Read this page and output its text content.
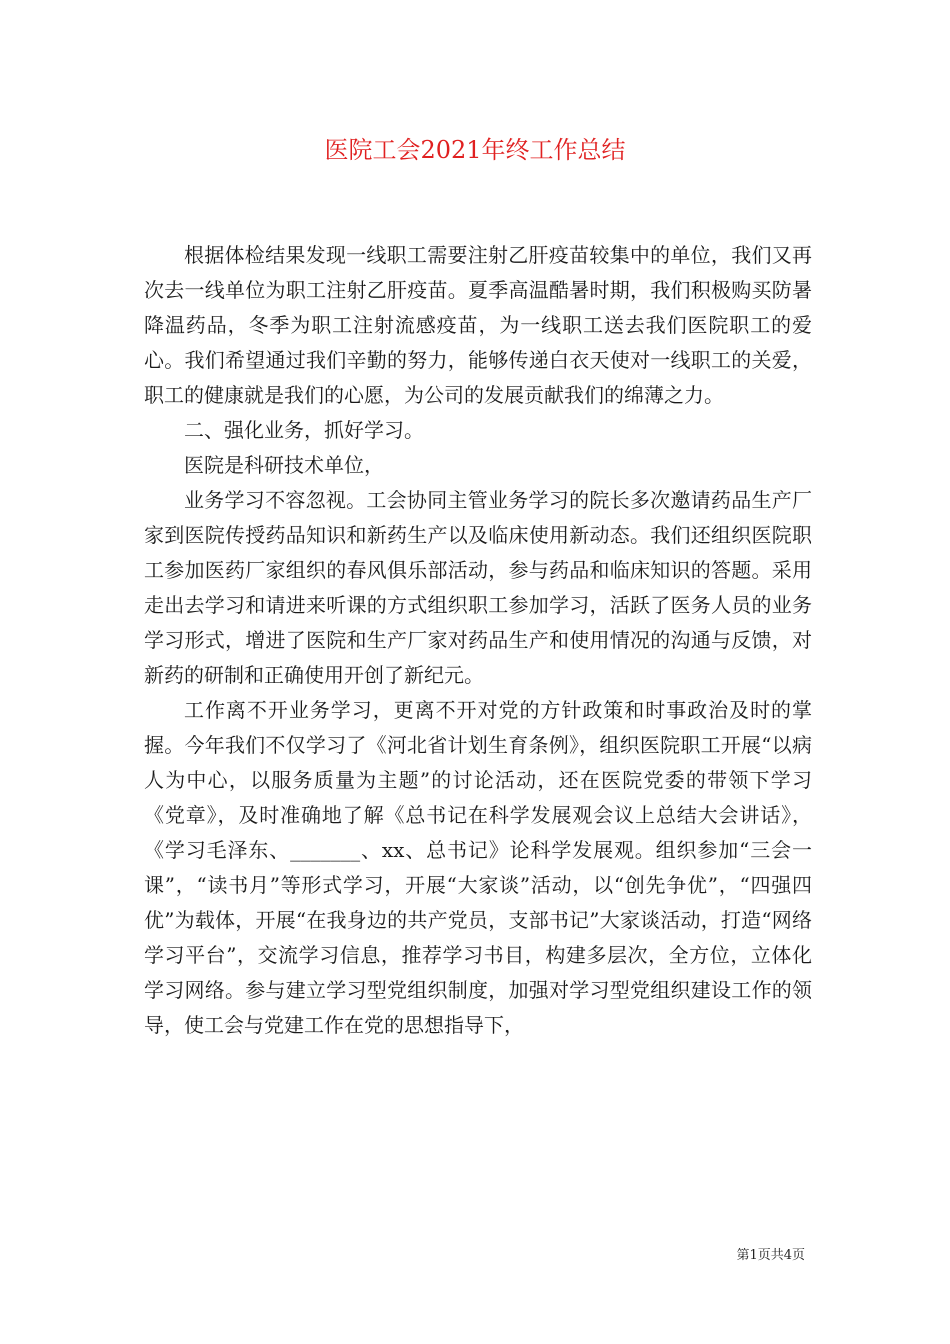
医院工会2021年终工作总结

根据体检结果发现一线职工需要注射乙肝疫苗较集中的单位，我们又再次去一线单位为职工注射乙肝疫苗。夏季高温酷暑时期，我们积极购买防暑降温药品，冬季为职工注射流感疫苗，为一线职工送去我们医院职工的爱心。我们希望通过我们辛勤的努力，能够传递白衣天使对一线职工的关爱，职工的健康就是我们的心愿，为公司的发展贡献我们的绵薄之力。

二、强化业务，抓好学习。

医院是科研技术单位，

业务学习不容忽视。工会协同主管业务学习的院长多次邀请药品生产厂家到医院传授药品知识和新药生产以及临床使用新动态。我们还组织医院职工参加医药厂家组织的春风俱乐部活动，参与药品和临床知识的答题。采用走出去学习和请进来听课的方式组织职工参加学习，活跃了医务人员的业务学习形式，增进了医院和生产厂家对药品生产和使用情况的沟通与反馈，对新药的研制和正确使用开创了新纪元。

工作离不开业务学习，更离不开对党的方针政策和时事政治及时的掌握。今年我们不仅学习了《河北省计划生育条例》，组织医院职工开展“以病人为中心，以服务质量为主题”的讨论活动，还在医院党委的带领下学习《党章》，及时准确地了解《总书记在科学发展观会议上总结大会讲话》，《学习毛泽东、_______、xx、总书记》论科学发展观。组织参加“三会一课”，“读书月”等形式学习，开展“大家谈”活动，以“创先争优”，“四强四优”为载体，开展“在我身边的共产党员，支部书记”大家谈活动，打造“网络学习平台”，交流学习信息，推荐学习书目，构建多层次，全方位，立体化学习网络。参与建立学习型党组织制度，加强对学习型党组织建设工作的领导，使工会与党建工作在党的思想指导下，

第1页共4页
